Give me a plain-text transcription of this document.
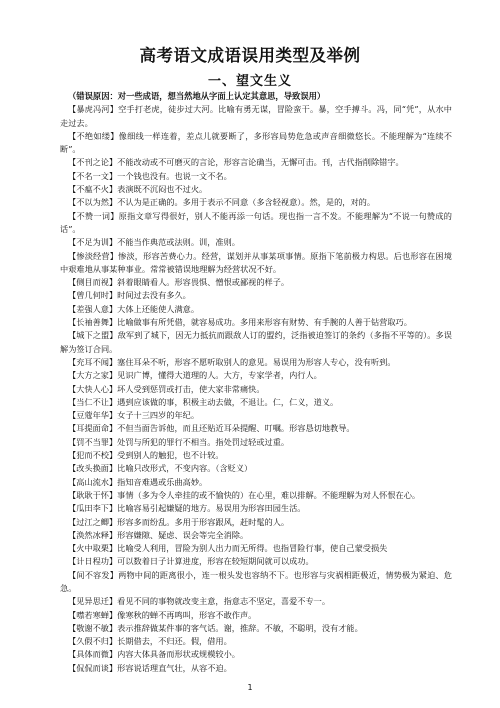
高考语文成语误用类型及举例
一、望文生义

（错误原因：对一些成语，想当然地从字面上认定其意思，导致误用）

【暴虎冯河】空手打老虎，徒步过大河。比喻有勇无谋，冒险蛮干。暴，空手搏斗。冯，同“凭”，从水中走过去。
【不绝如缕】像细线一样连着，差点儿就要断了，多形容局势危急或声音细微悠长。不能理解为“连续不断”。
【不刊之论】不能改动或不可磨灭的言论，形容言论确当，无懈可击。刊，古代指削除错字。
【不名一文】一个钱也没有。也说一文不名。
【不瘟不火】表演既不沉闷也不过火。
【不以为然】不认为是正确的。多用于表示不同意（多含轻视意）。然，是的，对的。
【不赞一词】原指文章写得很好，别人不能再添一句话。现也指一言不发。不能理解为“不说一句赞成的话”。
【不足为训】不能当作典范或法则。训，准则。
【惨淡经营】惨淡，形容苦费心力。经营，谋划并从事某项事情。原指下笔前极力构思。后也形容在困境中艰难地从事某种事业。常常被错误地理解为经营状况不好。
【侧目而视】斜着眼睛看人。形容畏惧、憎恨或鄙视的样子。
【曾几何时】时间过去没有多久。
【差强人意】大体上还能使人满意。
【长袖善舞】比喻做事有所凭借，就容易成功。多用来形容有财势、有手腕的人善于钻营取巧。
【城下之盟】敌军到了城下，因无力抵抗而跟敌人订的盟约，泛指被迫签订的条约（多指不平等的）。多误解为签订合同。
【充耳不闻】塞住耳朵不听，形容不愿听取别人的意见。易误用为形容人专心，没有听到。
【大方之家】见识广博，懂得大道理的人。大方，专家学者，内行人。
【大快人心】坏人受到惩罚或打击，使大家非常痛快。
【当仁不让】遇到应该做的事，积极主动去做，不退让。仁，仁义，道义。
【豆蔻年华】女子十三四岁的年纪。
【耳提面命】不但当面告诉他，而且还贴近耳朵提醒、叮嘱。形容恳切地教导。
【罚不当罪】处罚与所犯的罪行不相当。指处罚过轻或过重。
【犯而不校】受到别人的触犯，也不计较。
【改头换面】比喻只改形式，不变内容。（含贬义）
【高山流水】指知音难遇或乐曲高妙。
【耿耿于怀】事情（多为令人牵挂的或不愉快的）在心里，难以排解。不能理解为对人怀恨在心。
【瓜田李下】比喻容易引起嫌疑的地方。易误用为形容田园生活。
【过江之鲫】形容多而纷乱。多用于形容跟风，赶时髦的人。
【涣然冰释】形容嫌隙、疑虑、误会等完全消除。
【火中取栗】比喻受人利用，冒险为别人出力而无所得。也指冒险行事，使自己蒙受损失
【计日程功】可以数着日子计算进度，形容在较短期间就可以成功。
【间不容发】两物中间的距离很小，连一根头发也容纳不下。也形容与灾祸相距极近，情势极为紧迫、危急。
【见异思迁】看见不同的事物就改变主意，指意志不坚定，喜爱不专一。
【噤若寒蝉】像寒秋的蝉不再鸣叫，形容不敢作声。
【敬谢不敏】表示推辞做某件事的客气话。谢，推辞。不敏，不聪明，没有才能。
【久假不归】长期借去，不归还。假，借用。
【具体而微】内容大体具备而形状或规模较小。
【侃侃而谈】形容说话理直气壮，从容不迫。
1
